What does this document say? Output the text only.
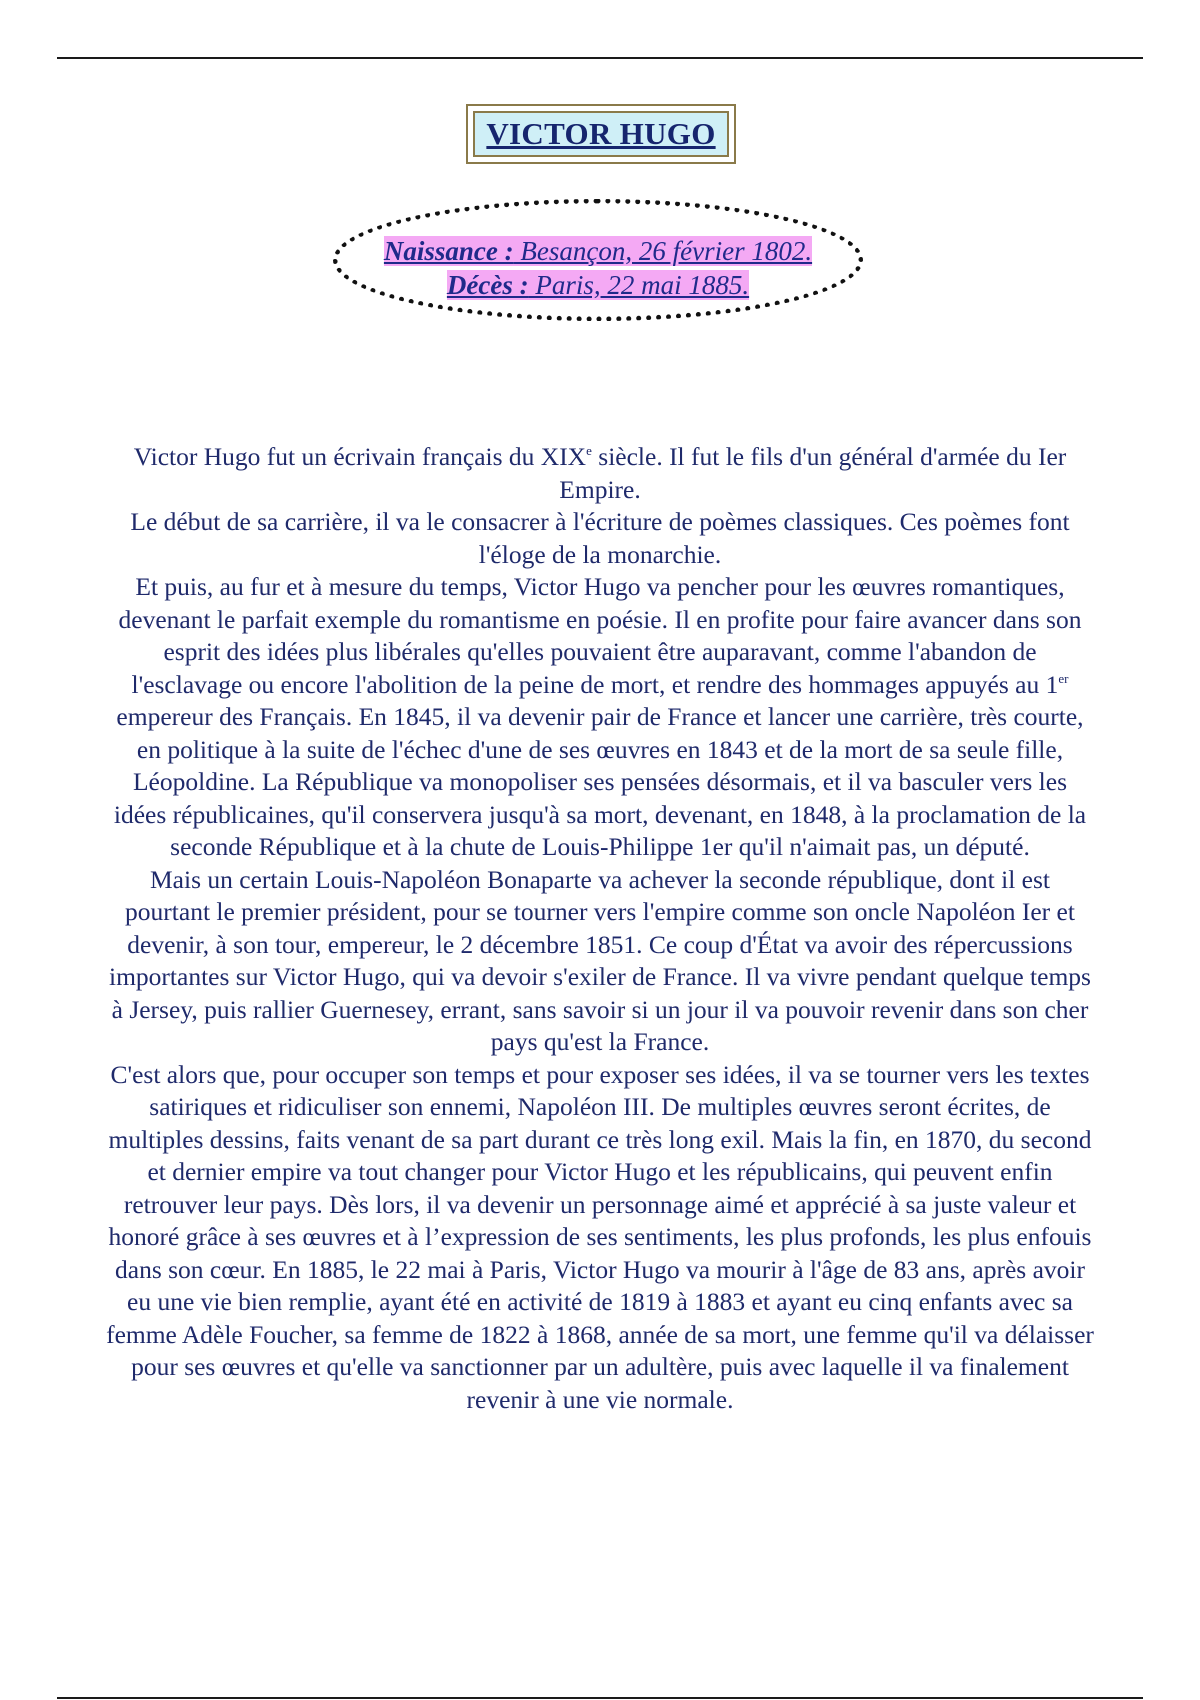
VICTOR HUGO
Naissance : Besançon, 26 février 1802.
Décès : Paris, 22 mai 1885.

Victor Hugo fut un écrivain français du XIXe siècle. Il fut le fils d'un général d'armée du Ier Empire.

Le début de sa carrière, il va le consacrer à l'écriture de poèmes classiques. Ces poèmes font l'éloge de la monarchie.

Et puis, au fur et à mesure du temps, Victor Hugo va pencher pour les œuvres romantiques, devenant le parfait exemple du romantisme en poésie. Il en profite pour faire avancer dans son esprit des idées plus libérales qu'elles pouvaient être auparavant, comme l'abandon de l'esclavage ou encore l'abolition de la peine de mort, et rendre des hommages appuyés au 1er empereur des Français. En 1845, il va devenir pair de France et lancer une carrière, très courte, en politique à la suite de l'échec d'une de ses œuvres en 1843 et de la mort de sa seule fille, Léopoldine. La République va monopoliser ses pensées désormais, et il va basculer vers les idées républicaines, qu'il conservera jusqu'à sa mort, devenant, en 1848, à la proclamation de la seconde République et à la chute de Louis-Philippe 1er qu'il n'aimait pas, un député.

Mais un certain Louis-Napoléon Bonaparte va achever la seconde république, dont il est pourtant le premier président, pour se tourner vers l'empire comme son oncle Napoléon Ier et devenir, à son tour, empereur, le 2 décembre 1851. Ce coup d'État va avoir des répercussions importantes sur Victor Hugo, qui va devoir s'exiler de France. Il va vivre pendant quelque temps à Jersey, puis rallier Guernesey, errant, sans savoir si un jour il va pouvoir revenir dans son cher pays qu'est la France.

C'est alors que, pour occuper son temps et pour exposer ses idées, il va se tourner vers les textes satiriques et ridiculiser son ennemi, Napoléon III. De multiples œuvres seront écrites, de multiples dessins, faits venant de sa part durant ce très long exil. Mais la fin, en 1870, du second et dernier empire va tout changer pour Victor Hugo et les républicains, qui peuvent enfin retrouver leur pays. Dès lors, il va devenir un personnage aimé et apprécié à sa juste valeur et honoré grâce à ses œuvres et à l’expression de ses sentiments, les plus profonds, les plus enfouis dans son cœur. En 1885, le 22 mai à Paris, Victor Hugo va mourir à l'âge de 83 ans, après avoir eu une vie bien remplie, ayant été en activité de 1819 à 1883 et ayant eu cinq enfants avec sa femme Adèle Foucher, sa femme de 1822 à 1868, année de sa mort, une femme qu'il va délaisser pour ses œuvres et qu'elle va sanctionner par un adultère, puis avec laquelle il va finalement revenir à une vie normale.
